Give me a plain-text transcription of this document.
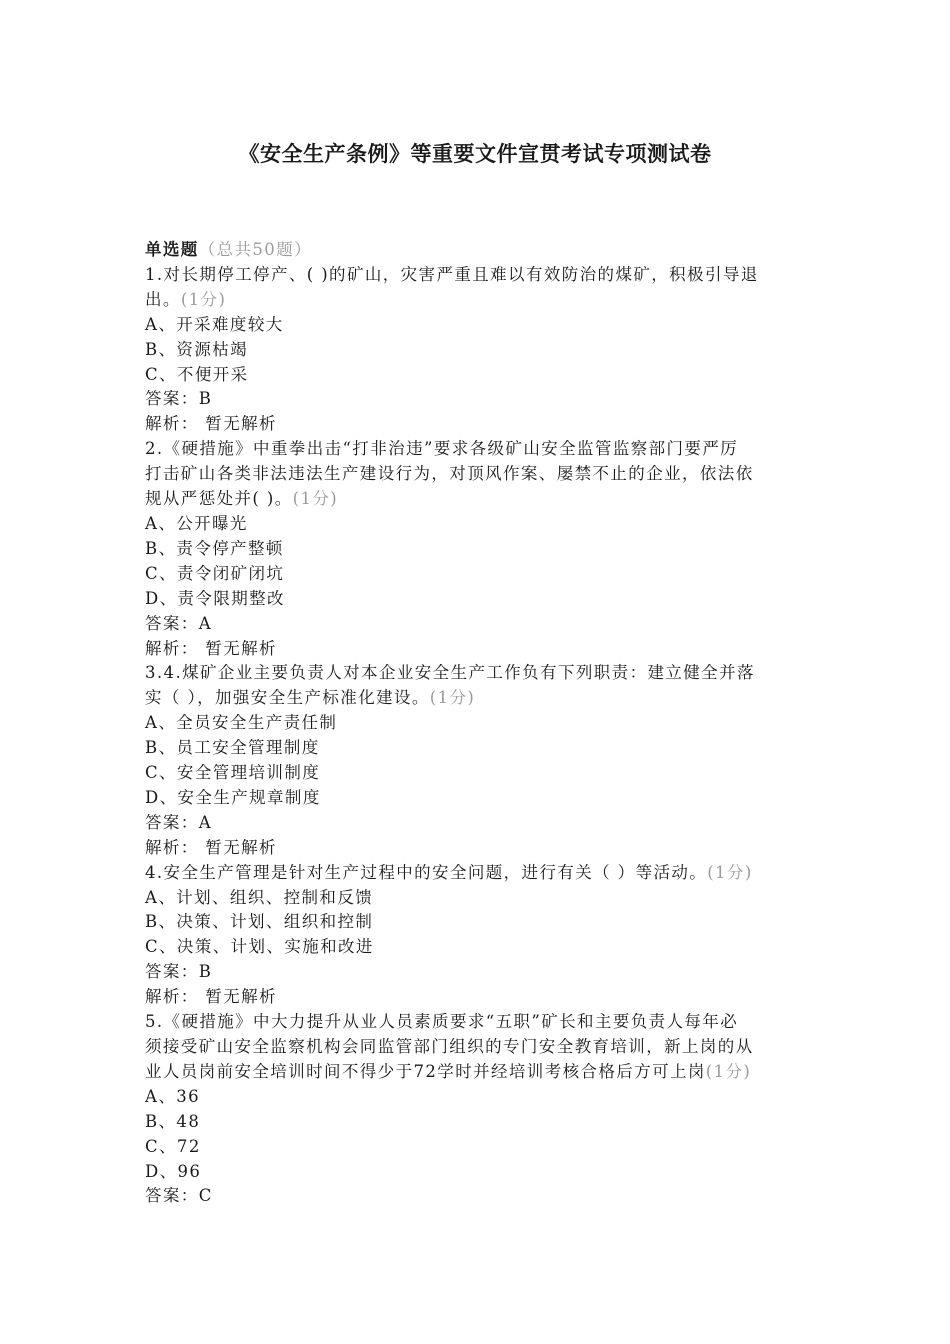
《安全生产条例》等重要文件宣贯考试专项测试卷
单选题（总共50题）
1.对长期停工停产、( )的矿山，灾害严重且难以有效防治的煤矿，积极引导退
出。(1分)
A、开采难度较大
B、资源枯竭
C、不便开采
答案：B
解析： 暂无解析
2.《硬措施》中重拳出击“打非治违”要求各级矿山安全监管监察部门要严厉
打击矿山各类非法违法生产建设行为，对顶风作案、屡禁不止的企业，依法依
规从严惩处并( )。(1分)
A、公开曝光
B、责令停产整顿
C、责令闭矿闭坑
D、责令限期整改
答案：A
解析： 暂无解析
3.4.煤矿企业主要负责人对本企业安全生产工作负有下列职责：建立健全并落
实（ ），加强安全生产标准化建设。(1分)
A、全员安全生产责任制
B、员工安全管理制度
C、安全管理培训制度
D、安全生产规章制度
答案：A
解析： 暂无解析
4.安全生产管理是针对生产过程中的安全问题，进行有关（ ）等活动。(1分)
A、计划、组织、控制和反馈
B、决策、计划、组织和控制
C、决策、计划、实施和改进
答案：B
解析： 暂无解析
5.《硬措施》中大力提升从业人员素质要求“五职”矿长和主要负责人每年必
须接受矿山安全监察机构会同监管部门组织的专门安全教育培训，新上岗的从
业人员岗前安全培训时间不得少于72学时并经培训考核合格后方可上岗(1分)
A、36
B、48
C、72
D、96
答案：C
